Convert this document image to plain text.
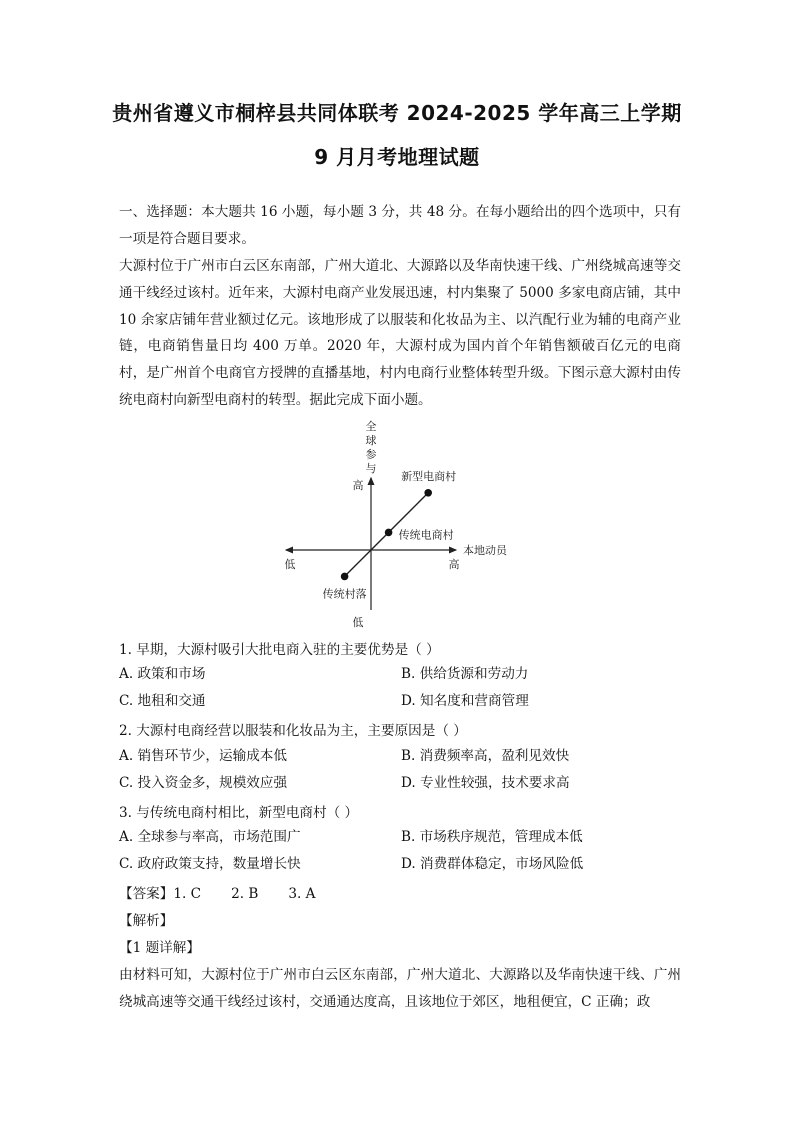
贵州省遵义市桐梓县共同体联考 2024-2025 学年高三上学期
9 月月考地理试题
一、选择题：本大题共 16 小题，每小题 3 分，共 48 分。在每小题给出的四个选项中，只有一项是符合题目要求。
大源村位于广州市白云区东南部，广州大道北、大源路以及华南快速干线、广州绕城高速等交通干线经过该村。近年来，大源村电商产业发展迅速，村内集聚了 5000 多家电商店铺，其中 10 余家店铺年营业额过亿元。该地形成了以服装和化妆品为主、以汽配行业为辅的电商产业链，电商销售量日均 400 万单。2020 年，大源村成为国内首个年销售额破百亿元的电商村，是广州首个电商官方授牌的直播基地，村内电商行业整体转型升级。下图示意大源村由传统电商村向新型电商村的转型。据此完成下面小题。
全球参与
高
低
本地动员
高
低
新型电商村
传统电商村
传统村落
1. 早期，大源村吸引大批电商入驻的主要优势是（ ）
A. 政策和市场	B. 供给货源和劳动力
C. 地租和交通	D. 知名度和营商管理
2. 大源村电商经营以服装和化妆品为主，主要原因是（ ）
A. 销售环节少，运输成本低	B. 消费频率高，盈利见效快
C. 投入资金多，规模效应强	D. 专业性较强，技术要求高
3. 与传统电商村相比，新型电商村（ ）
A. 全球参与率高，市场范围广	B. 市场秩序规范，管理成本低
C. 政府政策支持，数量增长快	D. 消费群体稳定，市场风险低
【答案】1. C 2. B 3. A
【解析】
【1 题详解】
由材料可知，大源村位于广州市白云区东南部，广州大道北、大源路以及华南快速干线、广州绕城高速等交通干线经过该村，交通通达度高，且该地位于郊区，地租便宜，C 正确；政
